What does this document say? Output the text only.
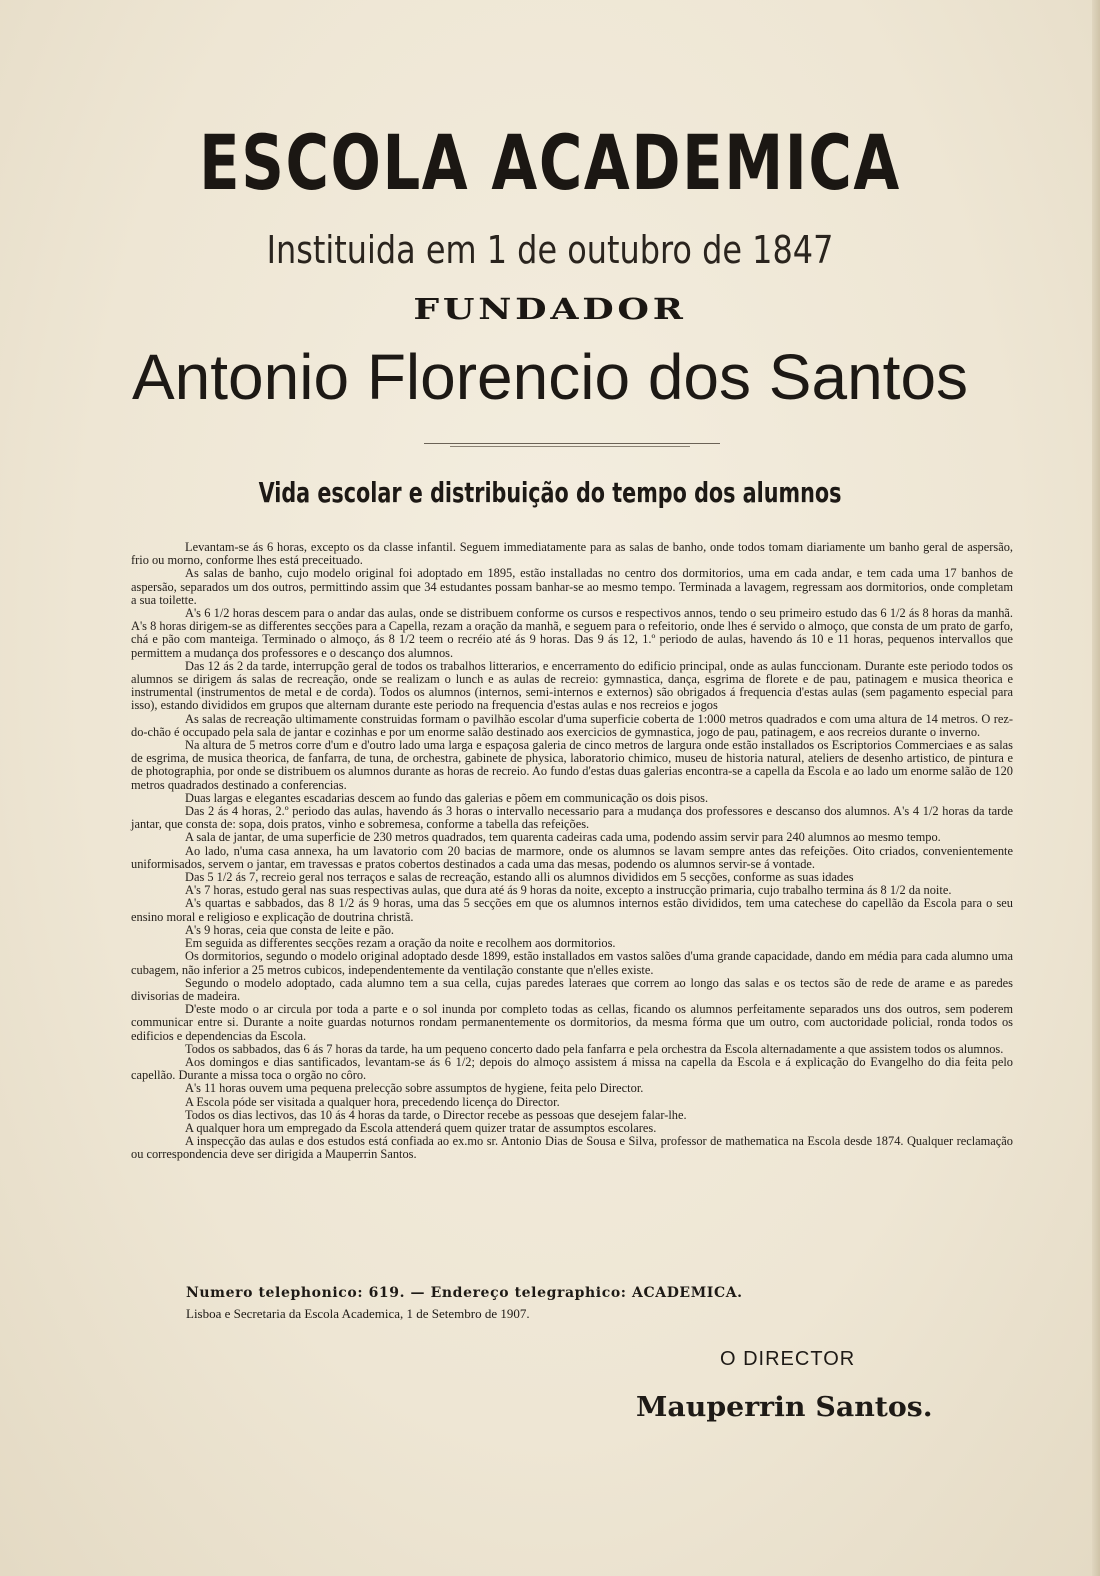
ESCOLA ACADEMICA
Instituida em 1 de outubro de 1847
FUNDADOR
Antonio Florencio dos Santos
Vida escolar e distribuição do tempo dos alumnos

Levantam-se ás 6 horas, excepto os da classe infantil. Seguem immediatamente para as salas de banho, onde todos tomam diariamente um banho geral de aspersão, frio ou morno, conforme lhes está preceituado.

As salas de banho, cujo modelo original foi adoptado em 1895, estão installadas no centro dos dormitorios, uma em cada andar, e tem cada uma 17 banhos de aspersão, separados um dos outros, permittindo assim que 34 estudantes possam banhar-se ao mesmo tempo. Terminada a lavagem, regressam aos dormitorios, onde completam a sua toilette.

A's 6 1/2 horas descem para o andar das aulas, onde se distribuem conforme os cursos e respectivos annos, tendo o seu primeiro estudo das 6 1/2 ás 8 horas da manhã. A's 8 horas dirigem-se as differentes secções para a Capella, rezam a oração da manhã, e seguem para o refeitorio, onde lhes é servido o almoço, que consta de um prato de garfo, chá e pão com manteiga. Terminado o almoço, ás 8 1/2 teem o recréio até ás 9 horas. Das 9 ás 12, 1.º periodo de aulas, havendo ás 10 e 11 horas, pequenos intervallos que permittem a mudança dos professores e o descanço dos alumnos.

Das 12 ás 2 da tarde, interrupção geral de todos os trabalhos litterarios, e encerramento do edificio principal, onde as aulas funccionam. Durante este periodo todos os alumnos se dirigem ás salas de recreação, onde se realizam o lunch e as aulas de recreio: gymnastica, dança, esgrima de florete e de pau, patinagem e musica theorica e instrumental (instrumentos de metal e de corda). Todos os alumnos (internos, semi-internos e externos) são obrigados á frequencia d'estas aulas (sem pagamento especial para isso), estando divididos em grupos que alternam durante este periodo na frequencia d'estas aulas e nos recreios e jogos

As salas de recreação ultimamente construidas formam o pavilhão escolar d'uma superficie coberta de 1:000 metros quadrados e com uma altura de 14 metros. O rez-do-chão é occupado pela sala de jantar e cozinhas e por um enorme salão destinado aos exercicios de gymnastica, jogo de pau, patinagem, e aos recreios durante o inverno.

Na altura de 5 metros corre d'um e d'outro lado uma larga e espaçosa galeria de cinco metros de largura onde estão installados os Escriptorios Commerciaes e as salas de esgrima, de musica theorica, de fanfarra, de tuna, de orchestra, gabinete de physica, laboratorio chimico, museu de historia natural, ateliers de desenho artistico, de pintura e de photographia, por onde se distribuem os alumnos durante as horas de recreio. Ao fundo d'estas duas galerias encontra-se a capella da Escola e ao lado um enorme salão de 120 metros quadrados destinado a conferencias.

Duas largas e elegantes escadarias descem ao fundo das galerias e põem em communicação os dois pisos.

Das 2 ás 4 horas, 2.º periodo das aulas, havendo ás 3 horas o intervallo necessario para a mudança dos professores e descanso dos alumnos. A's 4 1/2 horas da tarde jantar, que consta de: sopa, dois pratos, vinho e sobremesa, conforme a tabella das refeições.

A sala de jantar, de uma superficie de 230 metros quadrados, tem quarenta cadeiras cada uma, podendo assim servir para 240 alumnos ao mesmo tempo.

Ao lado, n'uma casa annexa, ha um lavatorio com 20 bacias de marmore, onde os alumnos se lavam sempre antes das refeições. Oito criados, convenientemente uniformisados, servem o jantar, em travessas e pratos cobertos destinados a cada uma das mesas, podendo os alumnos servir-se á vontade.

Das 5 1/2 ás 7, recreio geral nos terraços e salas de recreação, estando alli os alumnos divididos em 5 secções, conforme as suas idades

A's 7 horas, estudo geral nas suas respectivas aulas, que dura até ás 9 horas da noite, excepto a instrucção primaria, cujo trabalho termina ás 8 1/2 da noite.

A's quartas e sabbados, das 8 1/2 ás 9 horas, uma das 5 secções em que os alumnos internos estão divididos, tem uma catechese do capellão da Escola para o seu ensino moral e religioso e explicação de doutrina christã.

A's 9 horas, ceia que consta de leite e pão.

Em seguida as differentes secções rezam a oração da noite e recolhem aos dormitorios.

Os dormitorios, segundo o modelo original adoptado desde 1899, estão installados em vastos salões d'uma grande capacidade, dando em média para cada alumno uma cubagem, não inferior a 25 metros cubicos, independentemente da ventilação constante que n'elles existe.

Segundo o modelo adoptado, cada alumno tem a sua cella, cujas paredes lateraes que correm ao longo das salas e os tectos são de rede de arame e as paredes divisorias de madeira.

D'este modo o ar circula por toda a parte e o sol inunda por completo todas as cellas, ficando os alumnos perfeitamente separados uns dos outros, sem poderem communicar entre si. Durante a noite guardas noturnos rondam permanentemente os dormitorios, da mesma fórma que um outro, com auctoridade policial, ronda todos os edificios e dependencias da Escola.

Todos os sabbados, das 6 ás 7 horas da tarde, ha um pequeno concerto dado pela fanfarra e pela orchestra da Escola alternadamente a que assistem todos os alumnos.

Aos domingos e dias santificados, levantam-se ás 6 1/2; depois do almoço assistem á missa na capella da Escola e á explicação do Evangelho do dia feita pelo capellão. Durante a missa toca o orgão no côro.

A's 11 horas ouvem uma pequena prelecção sobre assumptos de hygiene, feita pelo Director.

A Escola póde ser visitada a qualquer hora, precedendo licença do Director.

Todos os dias lectivos, das 10 ás 4 horas da tarde, o Director recebe as pessoas que desejem falar-lhe.

A qualquer hora um empregado da Escola attenderá quem quizer tratar de assumptos escolares.

A inspecção das aulas e dos estudos está confiada ao ex.mo sr. Antonio Dias de Sousa e Silva, professor de mathematica na Escola desde 1874. Qualquer reclamação ou correspondencia deve ser dirigida a Mauperrin Santos.

Numero telephonico: 619. — Endereço telegraphico: ACADEMICA.
Lisboa e Secretaria da Escola Academica, 1 de Setembro de 1907.
O DIRECTOR
Mauperrin Santos.
